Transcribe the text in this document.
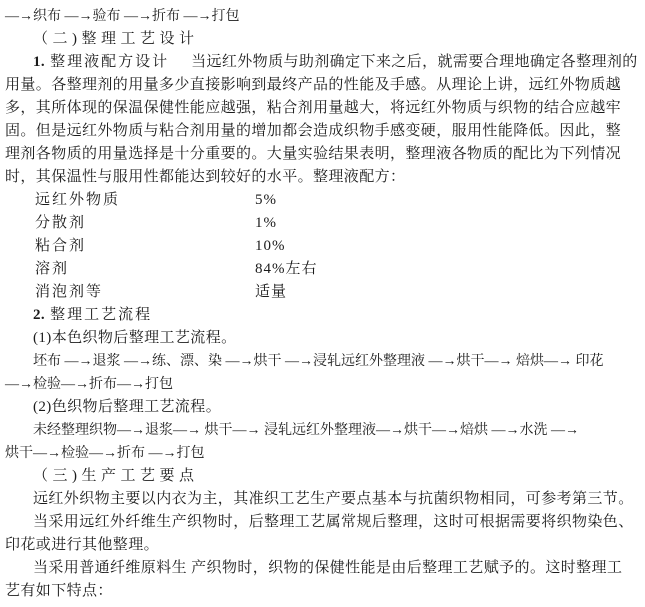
—→织布 —→验布 —→折布 —→打包
（二)整理工艺设计
1. 整理液配方设计 当远红外物质与助剂确定下来之后，就需要合理地确定各整理剂的
用量。各整理剂的用量多少直接影响到最终产品的性能及手感。从理论上讲，远红外物质越
多，其所体现的保温保健性能应越强，粘合剂用量越大，将远红外物质与织物的结合应越牢
固。但是远红外物质与粘合剂用量的增加都会造成织物手感变硬，服用性能降低。因此，整
理剂各物质的用量选择是十分重要的。大量实验结果表明，整理液各物质的配比为下列情况
时，其保温性与服用性都能达到较好的水平。整理液配方：
远红外物质	5%
分散剂	1%
粘合剂	10%
溶剂	84%左右
消泡剂等	适量
2. 整理工艺流程
(1)本色织物后整理工艺流程。
坯布 —→退浆 —→练、漂、染 —→烘干 —→浸轧远红外整理液 —→烘干—→ 焙烘—→ 印花
—→检验—→折布—→打包
(2)色织物后整理工艺流程。
未经整理织物—→退浆—→ 烘干—→ 浸轧远红外整理液—→烘干—→焙烘 —→水洗 —→
烘干—→检验—→折布 —→打包
（三)生产工艺要点
远红外织物主要以内衣为主，其准织工艺生产要点基本与抗菌织物相同，可参考第三节。
当采用远红外纤维生产织物时，后整理工艺属常规后整理，这时可根据需要将织物染色、
印花或进行其他整理。
当采用普通纤维原料生 产织物时，织物的保健性能是由后整理工艺赋予的。这时整理工
艺有如下特点：
